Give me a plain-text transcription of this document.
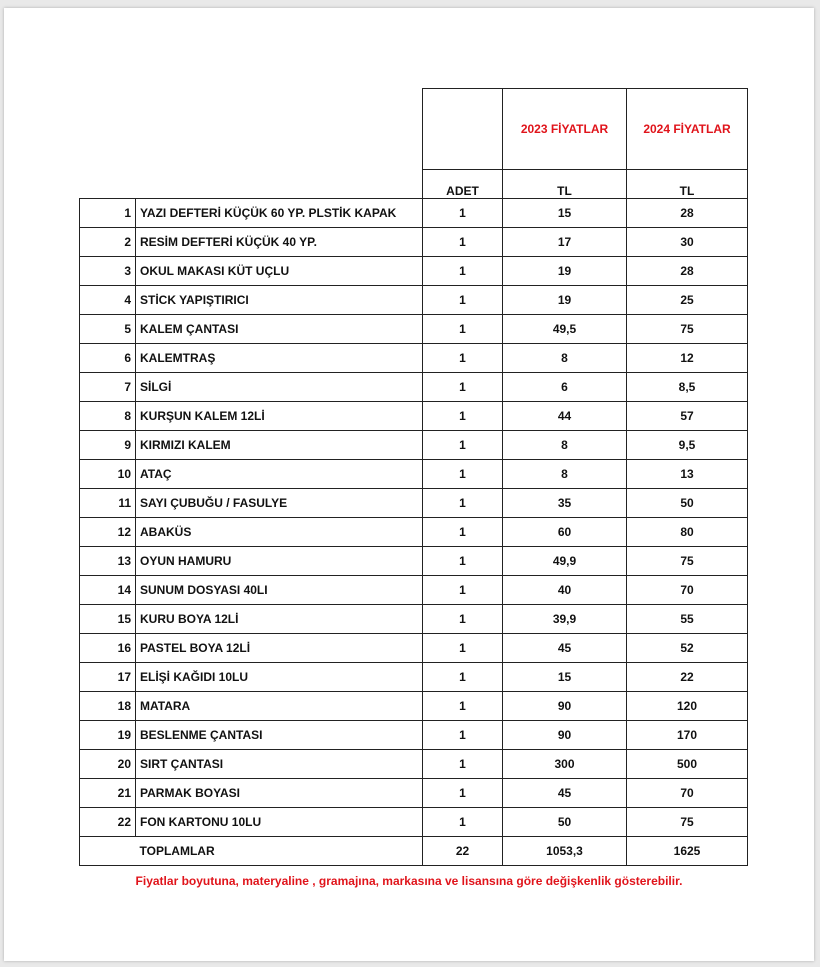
			2023 FİYATLAR	2024 FİYATLAR
		ADET	TL	TL
1	YAZI DEFTERİ KÜÇÜK 60 YP. PLSTİK KAPAK	1	15	28
2	RESİM DEFTERİ KÜÇÜK 40 YP.	1	17	30
3	OKUL MAKASI KÜT UÇLU	1	19	28
4	STİCK YAPIŞTIRICI	1	19	25
5	KALEM ÇANTASI	1	49,5	75
6	KALEMTRAŞ	1	8	12
7	SİLGİ	1	6	8,5
8	KURŞUN KALEM 12Lİ	1	44	57
9	KIRMIZI KALEM	1	8	9,5
10	ATAÇ	1	8	13
11	SAYI ÇUBUĞU / FASULYE	1	35	50
12	ABAKÜS	1	60	80
13	OYUN HAMURU	1	49,9	75
14	SUNUM DOSYASI 40LI	1	40	70
15	KURU BOYA 12Lİ	1	39,9	55
16	PASTEL BOYA 12Lİ	1	45	52
17	ELİŞİ KAĞIDI 10LU	1	15	22
18	MATARA	1	90	120
19	BESLENME ÇANTASI	1	90	170
20	SIRT ÇANTASI	1	300	500
21	PARMAK BOYASI	1	45	70
22	FON KARTONU 10LU	1	50	75
	TOPLAMLAR	22	1053,3	1625
Fiyatlar boyutuna, materyaline , gramajına, markasına ve lisansına göre değişkenlik gösterebilir.
